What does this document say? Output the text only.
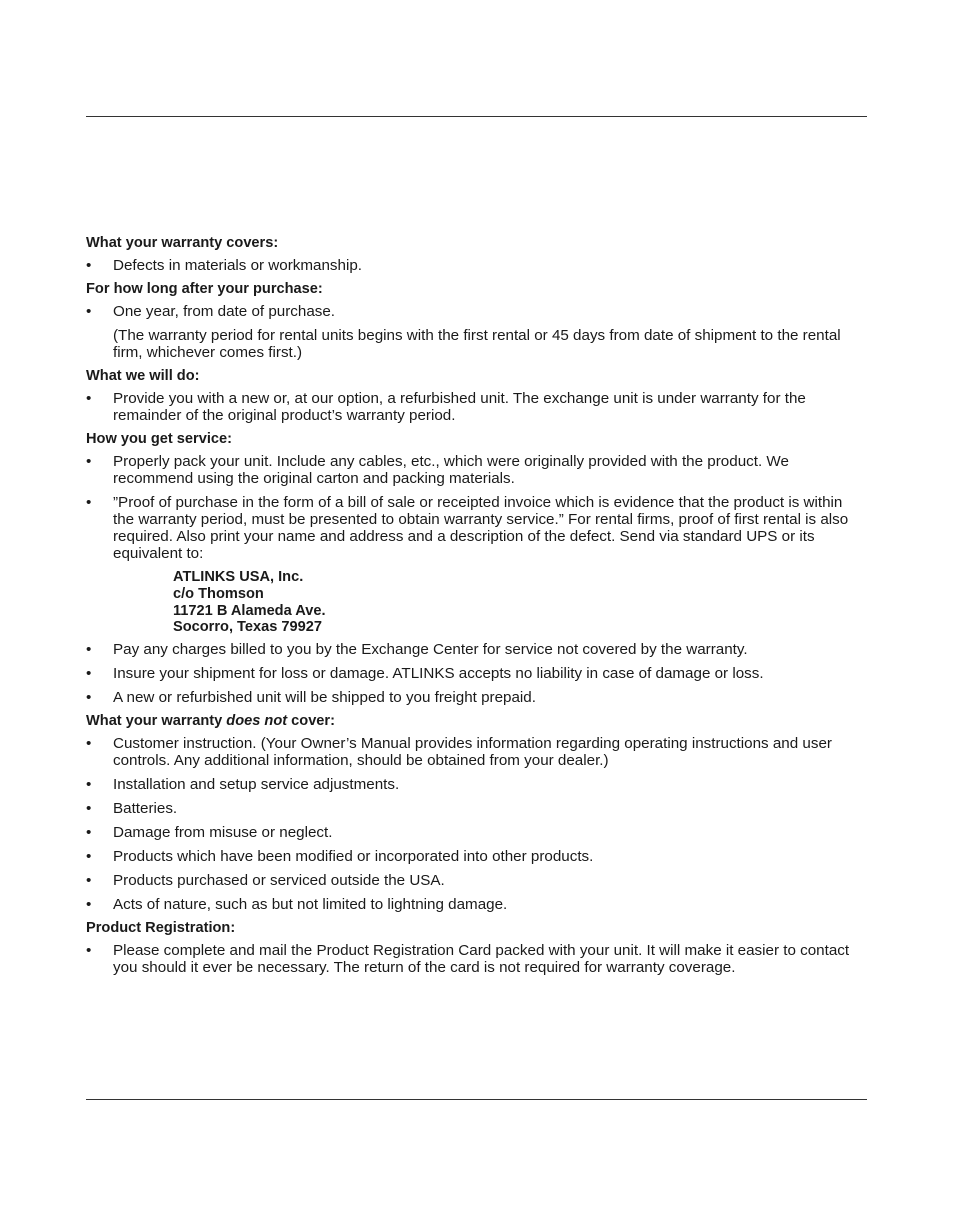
What your warranty covers:

• Defects in materials or workmanship.

For how long after your purchase:

• One year, from date of purchase.

(The warranty period for rental units begins with the first rental or 45 days from date of shipment to the rental firm, whichever comes first.)

What we will do:

• Provide you with a new or, at our option, a refurbished unit. The exchange unit is under warranty for the remainder of the original product’s warranty period.

How you get service:

• Properly pack your unit. Include any cables, etc., which were originally provided with the product. We recommend using the original carton and packing materials.
• ”Proof of purchase in the form of a bill of sale or receipted invoice which is evidence that the product is within the warranty period, must be presented to obtain warranty service.” For rental firms, proof of first rental is also required. Also print your name and address and a description of the defect. Send via standard UPS or its equivalent to:
ATLINKS USA, Inc.
c/o Thomson
11721 B Alameda Ave.
Socorro, Texas 79927
• Pay any charges billed to you by the Exchange Center for service not covered by the warranty.
• Insure your shipment for loss or damage. ATLINKS accepts no liability in case of damage or loss.
• A new or refurbished unit will be shipped to you freight prepaid.

What your warranty does not cover:

• Customer instruction. (Your Owner’s Manual provides information regarding operating instructions and user controls. Any additional information, should be obtained from your dealer.)
• Installation and setup service adjustments.
• Batteries.
• Damage from misuse or neglect.
• Products which have been modified or incorporated into other products.
• Products purchased or serviced outside the USA.
• Acts of nature, such as but not limited to lightning damage.

Product Registration:

• Please complete and mail the Product Registration Card packed with your unit. It will make it easier to contact you should it ever be necessary. The return of the card is not required for warranty coverage.
